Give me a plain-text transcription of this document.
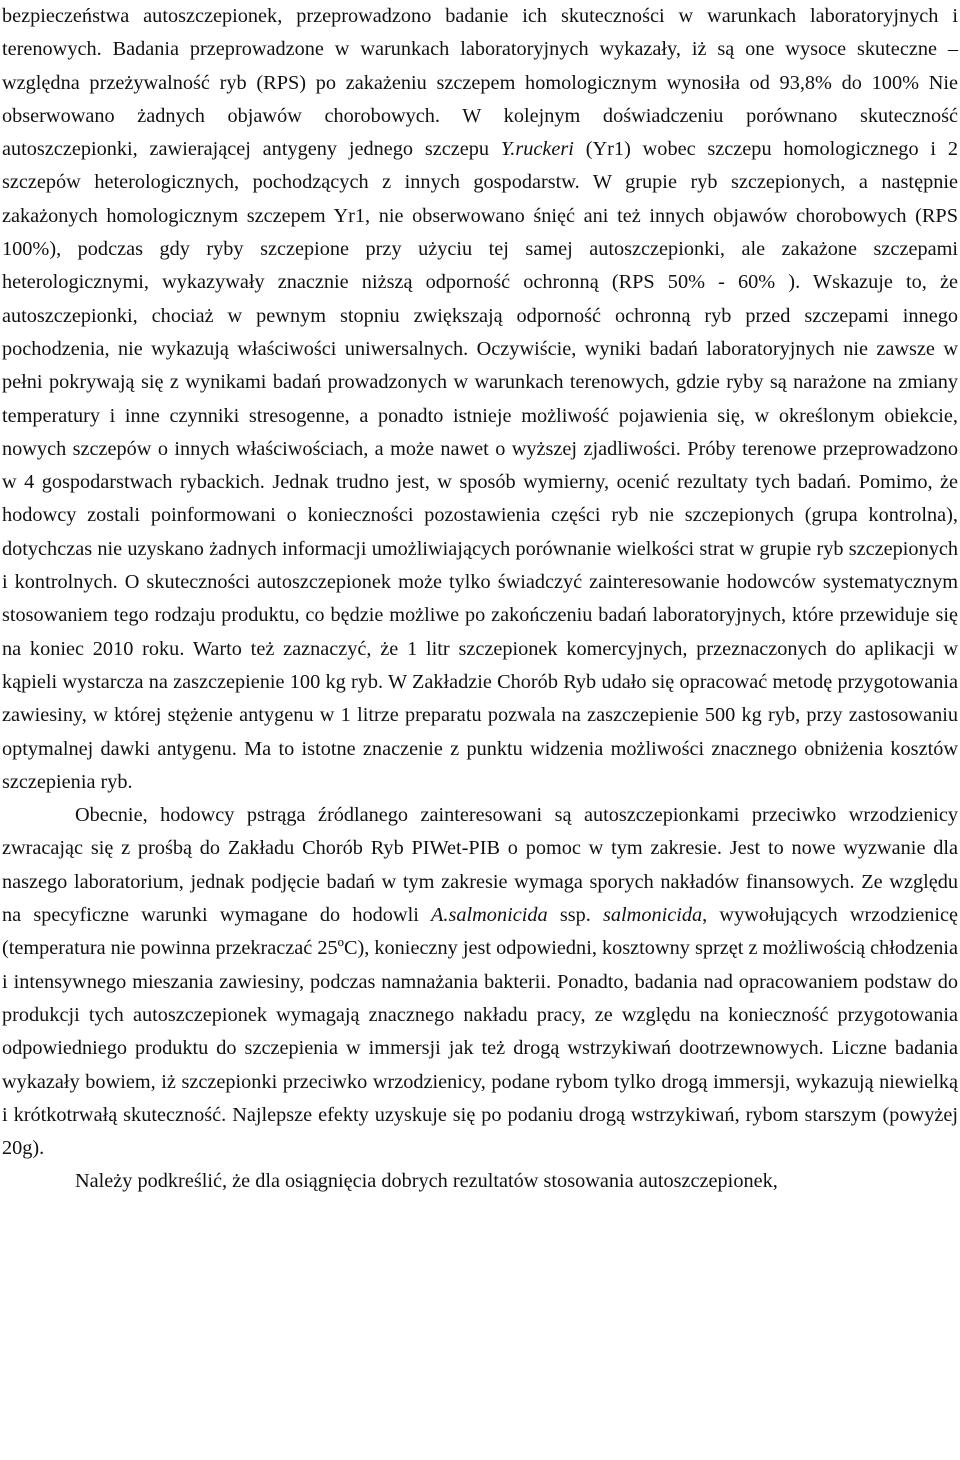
bezpieczeństwa autoszczepionek, przeprowadzono badanie ich skuteczności w warunkach laboratoryjnych i terenowych. Badania przeprowadzone w warunkach laboratoryjnych wykazały, iż są one wysoce skuteczne – względna przeżywalność ryb (RPS) po zakażeniu szczepem homologicznym wynosiła od 93,8% do 100% Nie obserwowano żadnych objawów chorobowych. W kolejnym doświadczeniu porównano skuteczność autoszczepionki, zawierającej antygeny jednego szczepu Y.ruckeri (Yr1) wobec szczepu homologicznego i 2 szczepów heterologicznych, pochodzących z innych gospodarstw. W grupie ryb szczepionych, a następnie zakażonych homologicznym szczepem Yr1, nie obserwowano śnięć ani też innych objawów chorobowych (RPS 100%), podczas gdy ryby szczepione przy użyciu tej samej autoszczepionki, ale zakażone szczepami heterologicznymi, wykazywały znacznie niższą odporność ochronną (RPS 50% - 60% ). Wskazuje to, że autoszczepionki, chociaż w pewnym stopniu zwiększają odporność ochronną ryb przed szczepami innego pochodzenia, nie wykazują właściwości uniwersalnych. Oczywiście, wyniki badań laboratoryjnych nie zawsze w pełni pokrywają się z wynikami badań prowadzonych w warunkach terenowych, gdzie ryby są narażone na zmiany temperatury i inne czynniki stresogenne, a ponadto istnieje możliwość pojawienia się, w określonym obiekcie, nowych szczepów o innych właściwościach, a może nawet o wyższej zjadliwości. Próby terenowe przeprowadzono w 4 gospodarstwach rybackich. Jednak trudno jest, w sposób wymierny, ocenić rezultaty tych badań. Pomimo, że hodowcy zostali poinformowani o konieczności pozostawienia części ryb nie szczepionych (grupa kontrolna), dotychczas nie uzyskano żadnych informacji umożliwiających porównanie wielkości strat w grupie ryb szczepionych i kontrolnych. O skuteczności autoszczepionek może tylko świadczyć zainteresowanie hodowców systematycznym stosowaniem tego rodzaju produktu, co będzie możliwe po zakończeniu badań laboratoryjnych, które przewiduje się na koniec 2010 roku. Warto też zaznaczyć, że 1 litr szczepionek komercyjnych, przeznaczonych do aplikacji w kąpieli wystarcza na zaszczepienie 100 kg ryb. W Zakładzie Chorób Ryb udało się opracować metodę przygotowania zawiesiny, w której stężenie antygenu w 1 litrze preparatu pozwala na zaszczepienie 500 kg ryb, przy zastosowaniu optymalnej dawki antygenu. Ma to istotne znaczenie z punktu widzenia możliwości znacznego obniżenia kosztów szczepienia ryb.

Obecnie, hodowcy pstrąga źródlanego zainteresowani są autoszczepionkami przeciwko wrzodzienicy zwracając się z prośbą do Zakładu Chorób Ryb PIWet-PIB o pomoc w tym zakresie. Jest to nowe wyzwanie dla naszego laboratorium, jednak podjęcie badań w tym zakresie wymaga sporych nakładów finansowych. Ze względu na specyficzne warunki wymagane do hodowli A.salmonicida ssp. salmonicida, wywołujących wrzodzienicę (temperatura nie powinna przekraczać 25ºC), konieczny jest odpowiedni, kosztowny sprzęt z możliwością chłodzenia i intensywnego mieszania zawiesiny, podczas namnażania bakterii. Ponadto, badania nad opracowaniem podstaw do produkcji tych autoszczepionek wymagają znacznego nakładu pracy, ze względu na konieczność przygotowania odpowiedniego produktu do szczepienia w immersji jak też drogą wstrzykiwań dootrzewnowych. Liczne badania wykazały bowiem, iż szczepionki przeciwko wrzodzienicy, podane rybom tylko drogą immersji, wykazują niewielką i krótkotrwałą skuteczność. Najlepsze efekty uzyskuje się po podaniu drogą wstrzykiwań, rybom starszym (powyżej 20g).

Należy podkreślić, że dla osiągnięcia dobrych rezultatów stosowania autoszczepionek,
